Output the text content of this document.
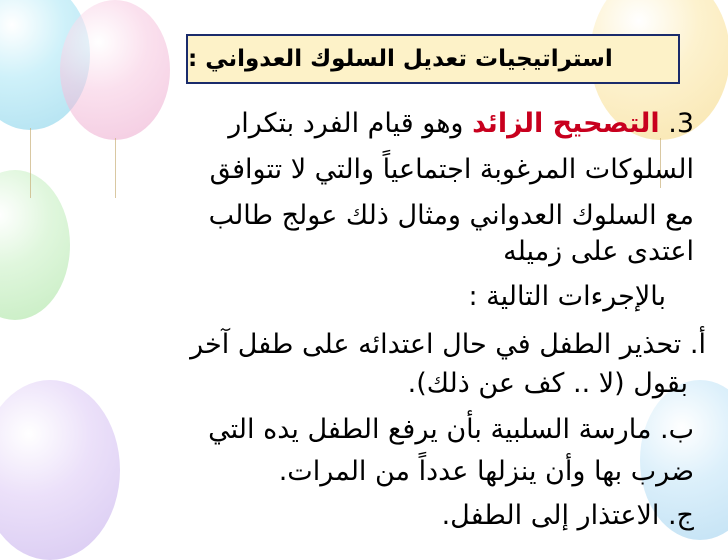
استراتيجيات تعديل السلوك العدواني :
3. التصحيح الزائد وهو قيام الفرد بتكرار
السلوكات المرغوبة اجتماعياً والتي لا تتوافق
مع السلوك العدواني ومثال ذلك عولج طالب
اعتدى على زميله
بالإجرءات التالية :
أ. تحذير الطفل في حال اعتدائه على طفل آخر
بقول (لا .. كف عن ذلك).
ب. مارسة السلبية بأن يرفع الطفل يده التي
ضرب بها وأن ينزلها عدداً من المرات.
ج. الاعتذار إلى الطفل.
